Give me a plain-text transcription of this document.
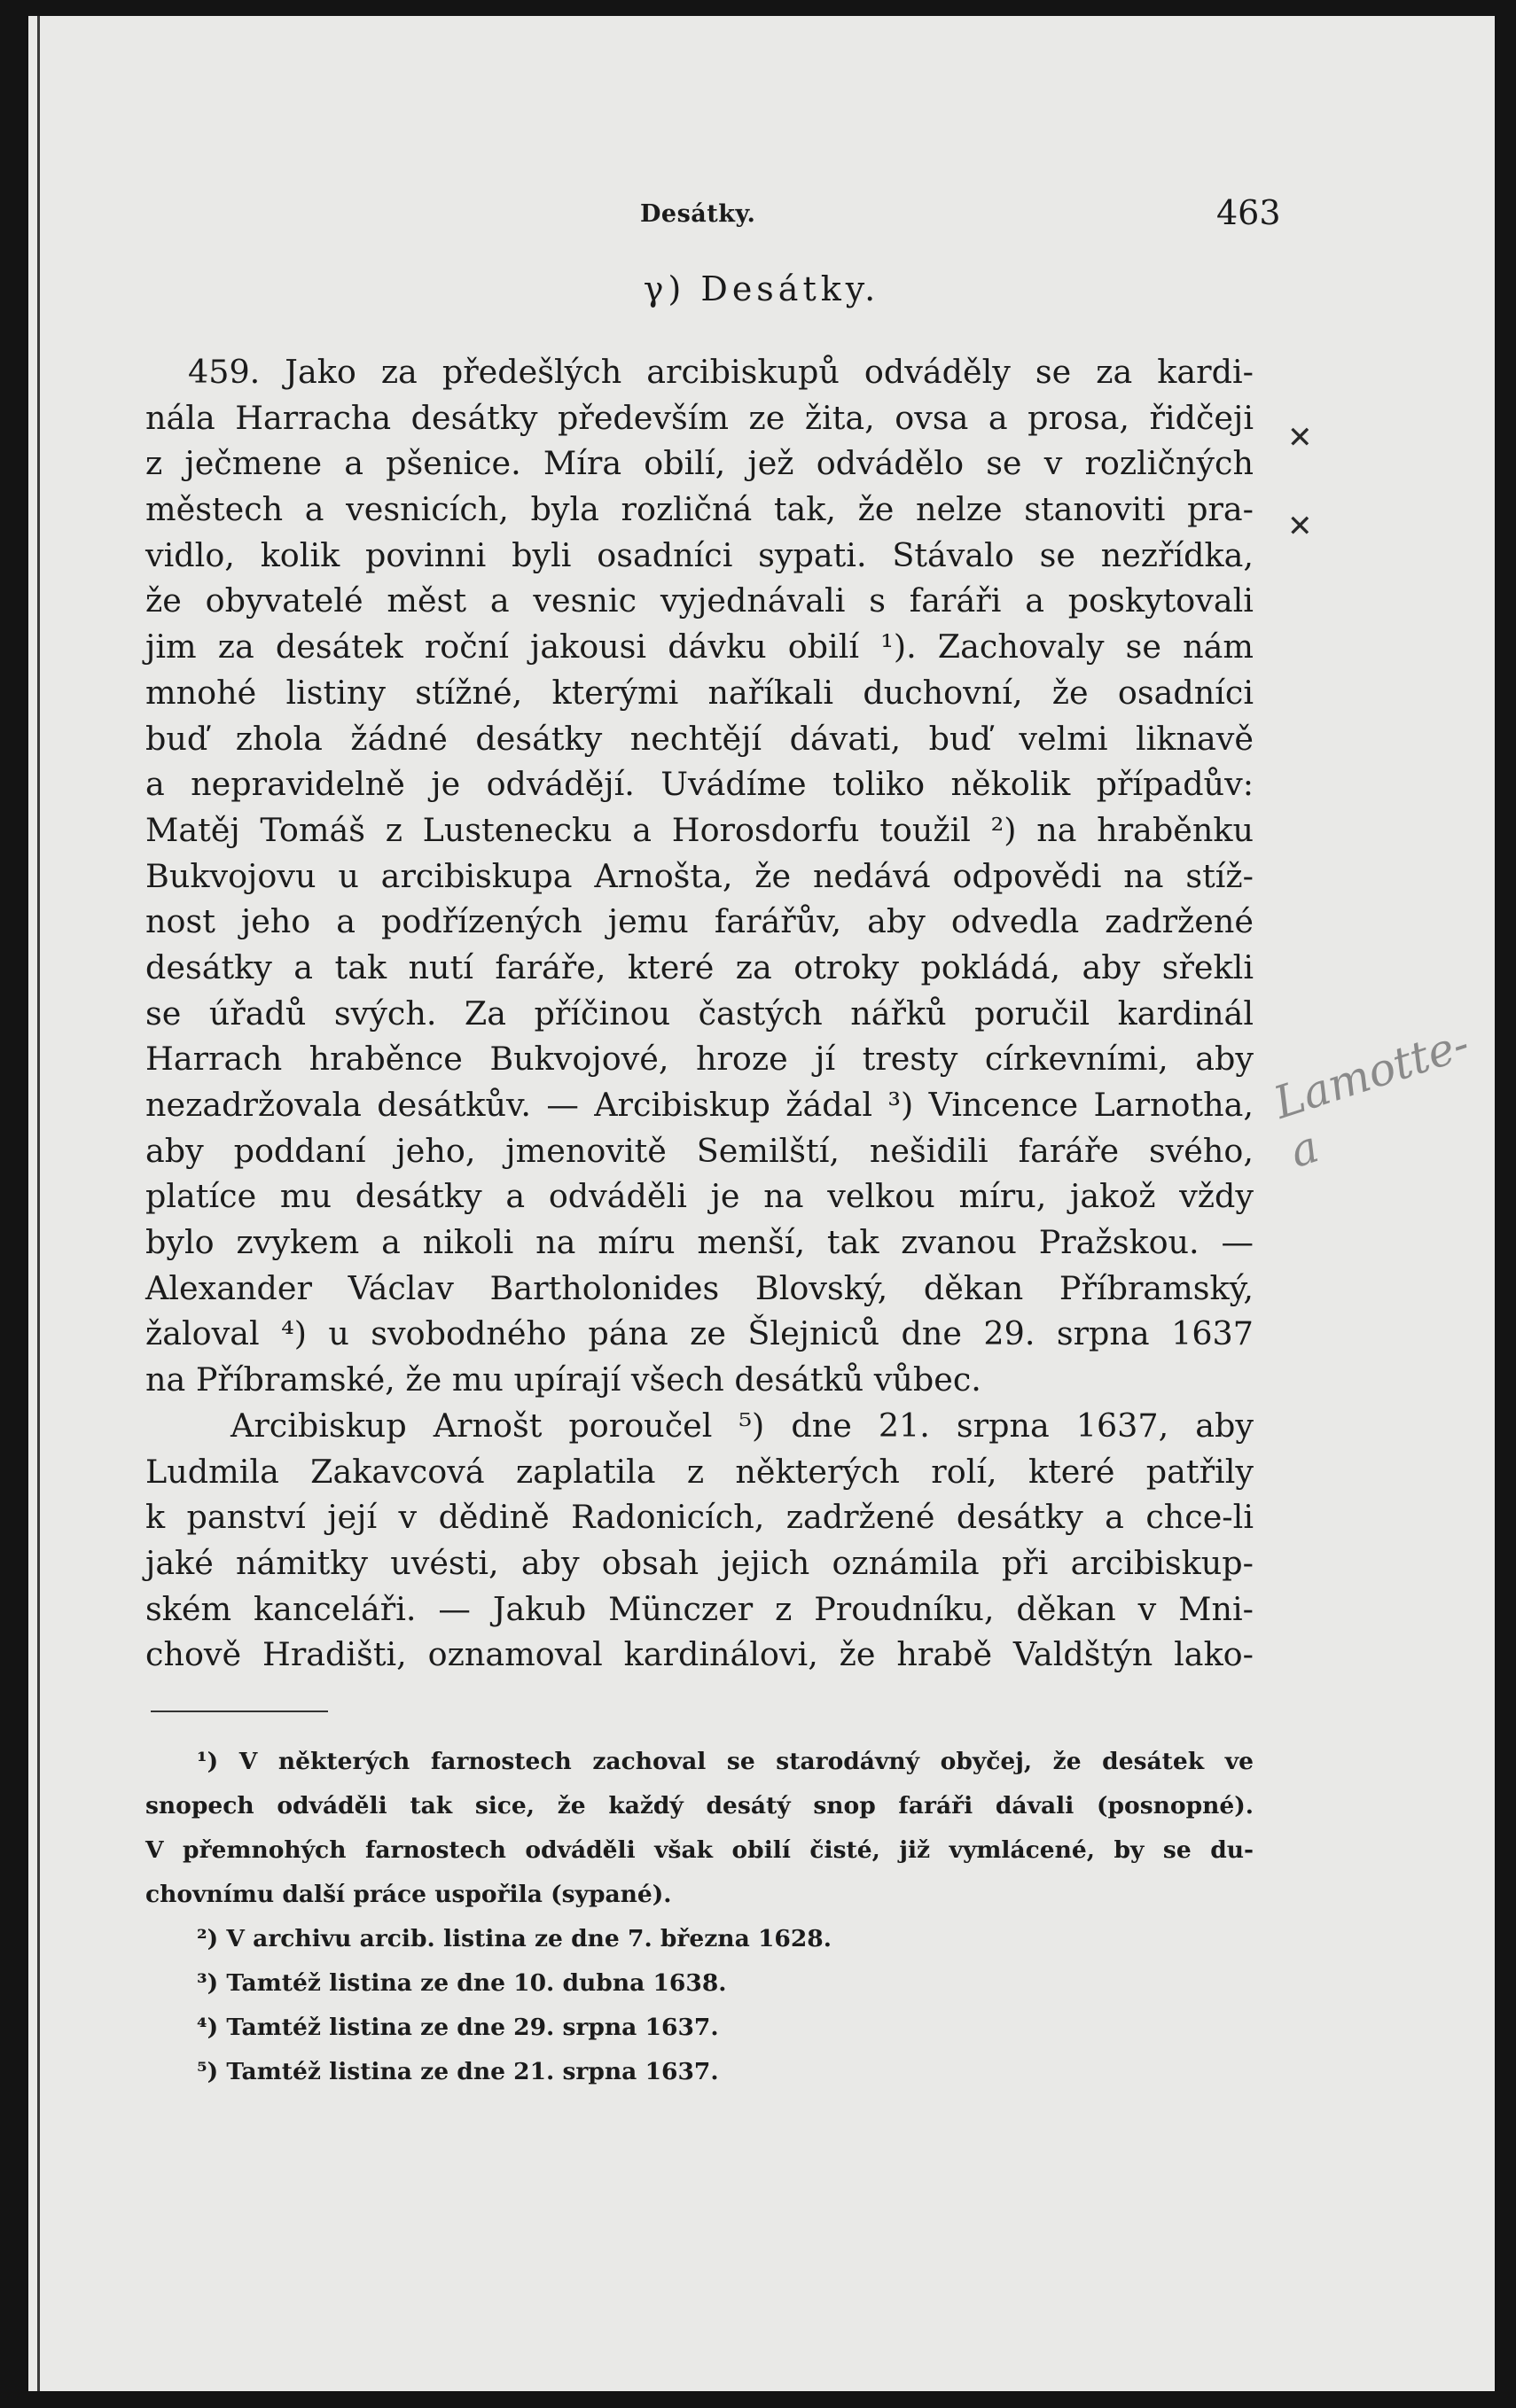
Desátky.	463
γ) Desátky.
459. Jako za předešlých arcibiskupů odváděly se za kardi-
nála Harracha desátky především ze žita, ovsa a prosa, řidčeji
z ječmene a pšenice. Míra obilí, jež odvádělo se v rozličných
městech a vesnicích, byla rozličná tak, že nelze stanoviti pra-
vidlo, kolik povinni byli osadníci sypati. Stávalo se nezřídka,
že obyvatelé měst a vesnic vyjednávali s faráři a poskytovali
jim za desátek roční jakousi dávku obilí ¹). Zachovaly se nám
mnohé listiny stížné, kterými naříkali duchovní, že osadníci
buď zhola žádné desátky nechtějí dávati, buď velmi liknavě
a nepravidelně je odvádějí. Uvádíme toliko několik případův:
Matěj Tomáš z Lustenecku a Horosdorfu toužil ²) na hraběnku
Bukvojovu u arcibiskupa Arnošta, že nedává odpovědi na stíž-
nost jeho a podřízených jemu farářův, aby odvedla zadržené
desátky a tak nutí faráře, které za otroky pokládá, aby sřekli
se úřadů svých. Za příčinou častých nářků poručil kardinál
Harrach hraběnce Bukvojové, hroze jí tresty církevními, aby
nezadržovala desátkův. — Arcibiskup žádal ³) Vincence Larnotha,
aby poddaní jeho, jmenovitě Semilští, nešidili faráře svého,
platíce mu desátky a odváděli je na velkou míru, jakož vždy
bylo zvykem a nikoli na míru menší, tak zvanou Pražskou. —
Alexander Václav Bartholonides Blovský, děkan Příbramský,
žaloval ⁴) u svobodného pána ze Šlejniců dne 29. srpna 1637
na Příbramské, že mu upírají všech desátků vůbec.
Arcibiskup Arnošt poroučel ⁵) dne 21. srpna 1637, aby
Ludmila Zakavcová zaplatila z některých rolí, které patřily
k panství její v dědině Radonicích, zadržené desátky a chce-li
jaké námitky uvésti, aby obsah jejich oznámila při arcibiskup-
ském kanceláři. — Jakub Münczer z Proudníku, děkan v Mni-
chově Hradišti, oznamoval kardinálovi, že hrabě Valdštýn lako-
¹) V některých farnostech zachoval se starodávný obyčej, že desátek ve
snopech odváděli tak sice, že každý desátý snop faráři dávali (posnopné).
V přemnohých farnostech odváděli však obilí čisté, již vymlácené, by se du-
chovnímu další práce uspořila (sypané).
²) V archivu arcib. listina ze dne 7. března 1628.
³) Tamtéž listina ze dne 10. dubna 1638.
⁴) Tamtéž listina ze dne 29. srpna 1637.
⁵) Tamtéž listina ze dne 21. srpna 1637.
✕
✕
Lamotte-a
